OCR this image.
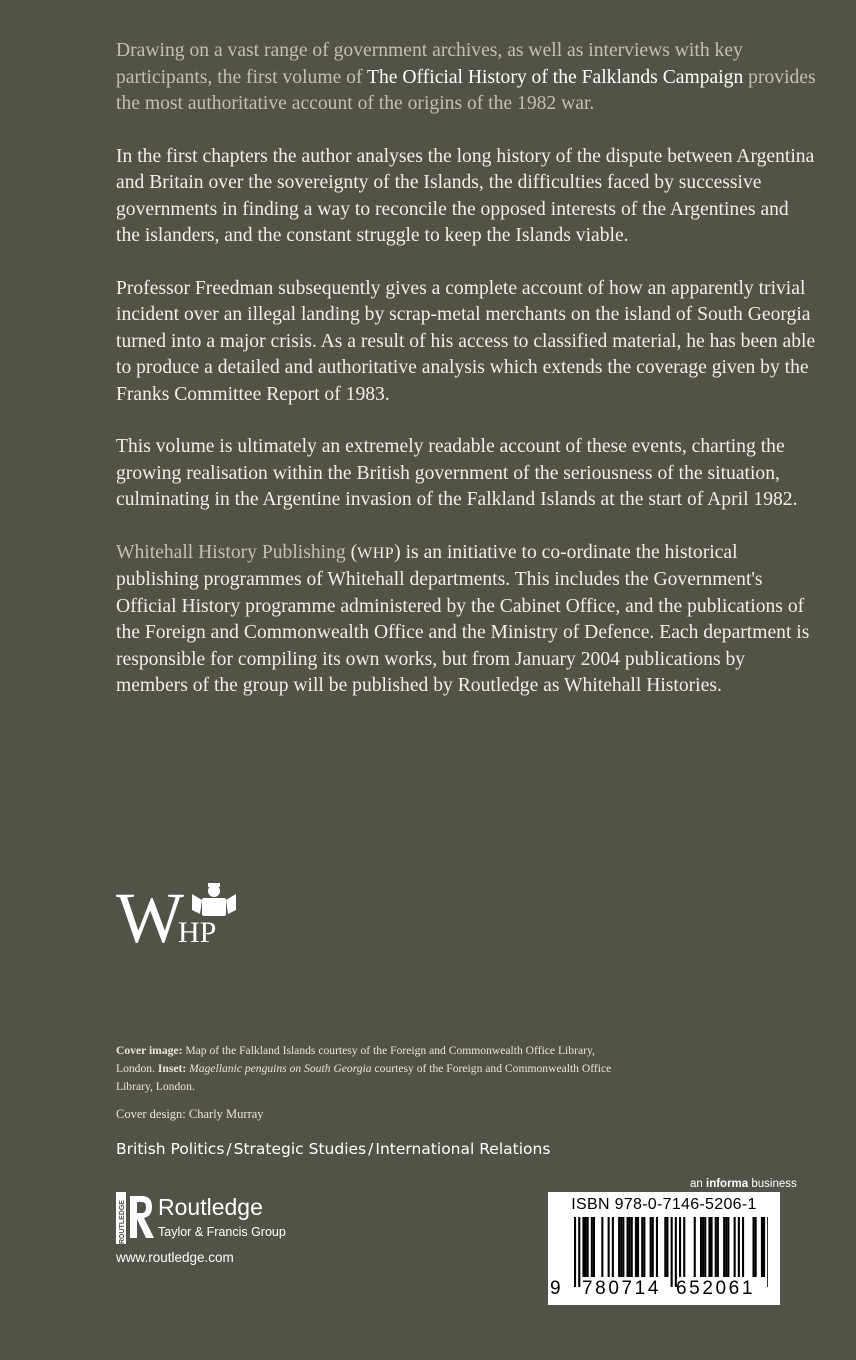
Drawing on a vast range of government archives, as well as interviews with key participants, the first volume of The Official History of the Falklands Campaign provides the most authoritative account of the origins of the 1982 war.

In the first chapters the author analyses the long history of the dispute between Argentina and Britain over the sovereignty of the Islands, the difficulties faced by successive governments in finding a way to reconcile the opposed interests of the Argentines and the islanders, and the constant struggle to keep the Islands viable.

Professor Freedman subsequently gives a complete account of how an apparently trivial incident over an illegal landing by scrap-metal merchants on the island of South Georgia turned into a major crisis. As a result of his access to classified material, he has been able to produce a detailed and authoritative analysis which extends the coverage given by the Franks Committee Report of 1983.

This volume is ultimately an extremely readable account of these events, charting the growing realisation within the British government of the seriousness of the situation, culminating in the Argentine invasion of the Falkland Islands at the start of April 1982.

Whitehall History Publishing (WHP) is an initiative to co-ordinate the historical publishing programmes of Whitehall departments. This includes the Government's Official History programme administered by the Cabinet Office, and the publications of the Foreign and Commonwealth Office and the Ministry of Defence. Each department is responsible for compiling its own works, but from January 2004 publications by members of the group will be published by Routledge as Whitehall Histories.

W
HP
Cover image: Map of the Falkland Islands courtesy of the Foreign and Commonwealth Office Library, London. Inset: Magellanic penguins on South Georgia courtesy of the Foreign and Commonwealth Office Library, London.
Cover design: Charly Murray
British Politics / Strategic Studies / International Relations
an informa business
ROUTLEDGE Routledge
Taylor & Francis Group
www.routledge.com
ISBN 978-0-7146-5206-1
9 780714 652061
